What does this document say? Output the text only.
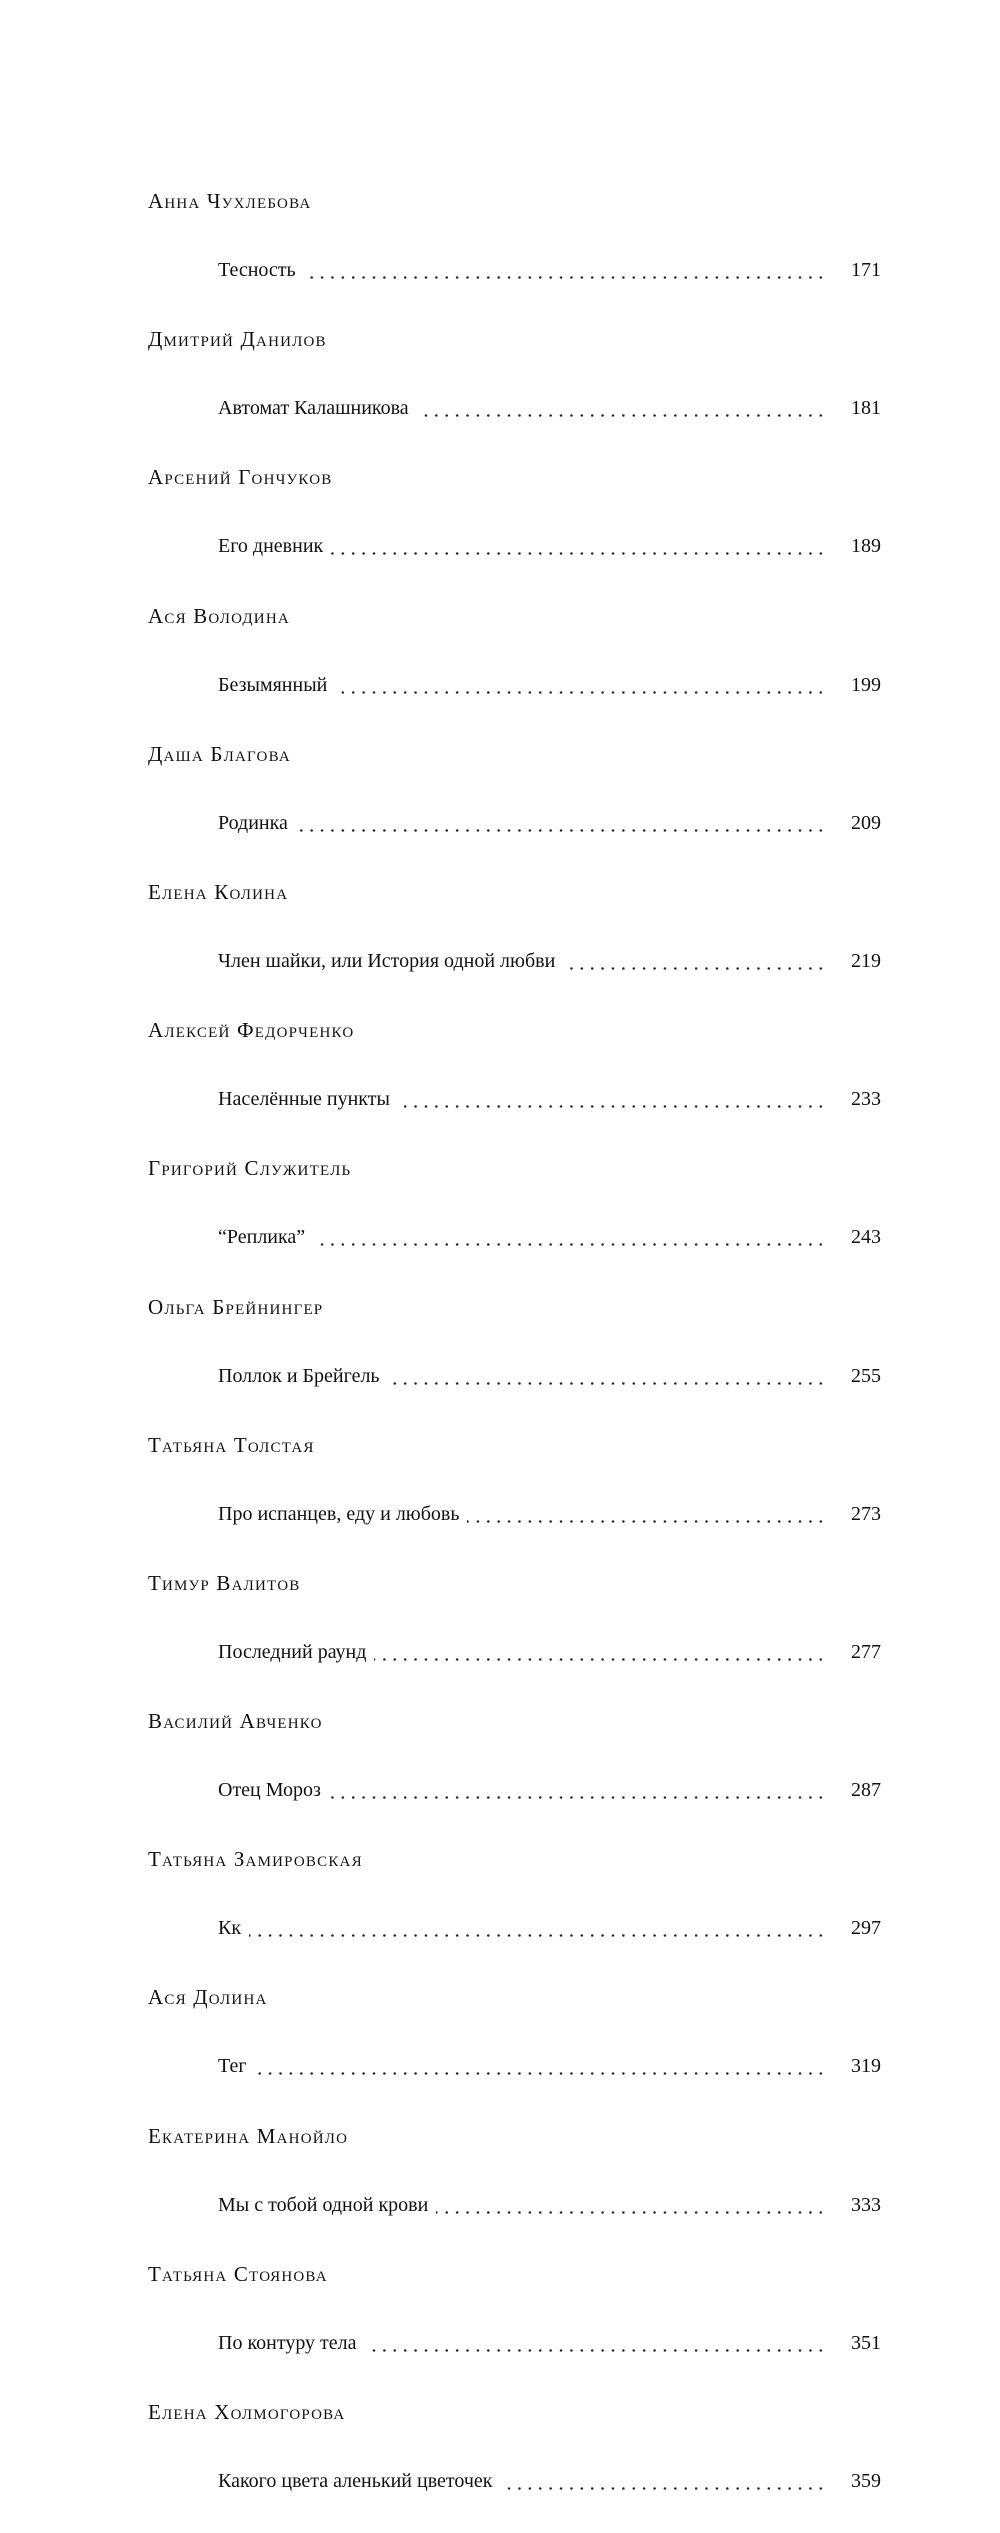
Анна Чухлебова
Тесность	171
Дмитрий Данилов
Автомат Калашникова	181
Арсений Гончуков
Его дневник	189
Ася Володина
Безымянный	199
Даша Благова
Родинка	209
Елена Колина
Член шайки, или История одной любви	219
Алексей Федорченко
Населённые пункты	233
Григорий Служитель
“Реплика”	243
Ольга Брейнингер
Поллок и Брейгель	255
Татьяна Толстая
Про испанцев, еду и любовь	273
Тимур Валитов
Последний раунд	277
Василий Авченко
Отец Мороз	287
Татьяна Замировская
Кк	297
Ася Долина
Тег	319
Екатерина Манойло
Мы с тобой одной крови	333
Татьяна Стоянова
По контуру тела	351
Елена Холмогорова
Какого цвета аленький цветочек	359
